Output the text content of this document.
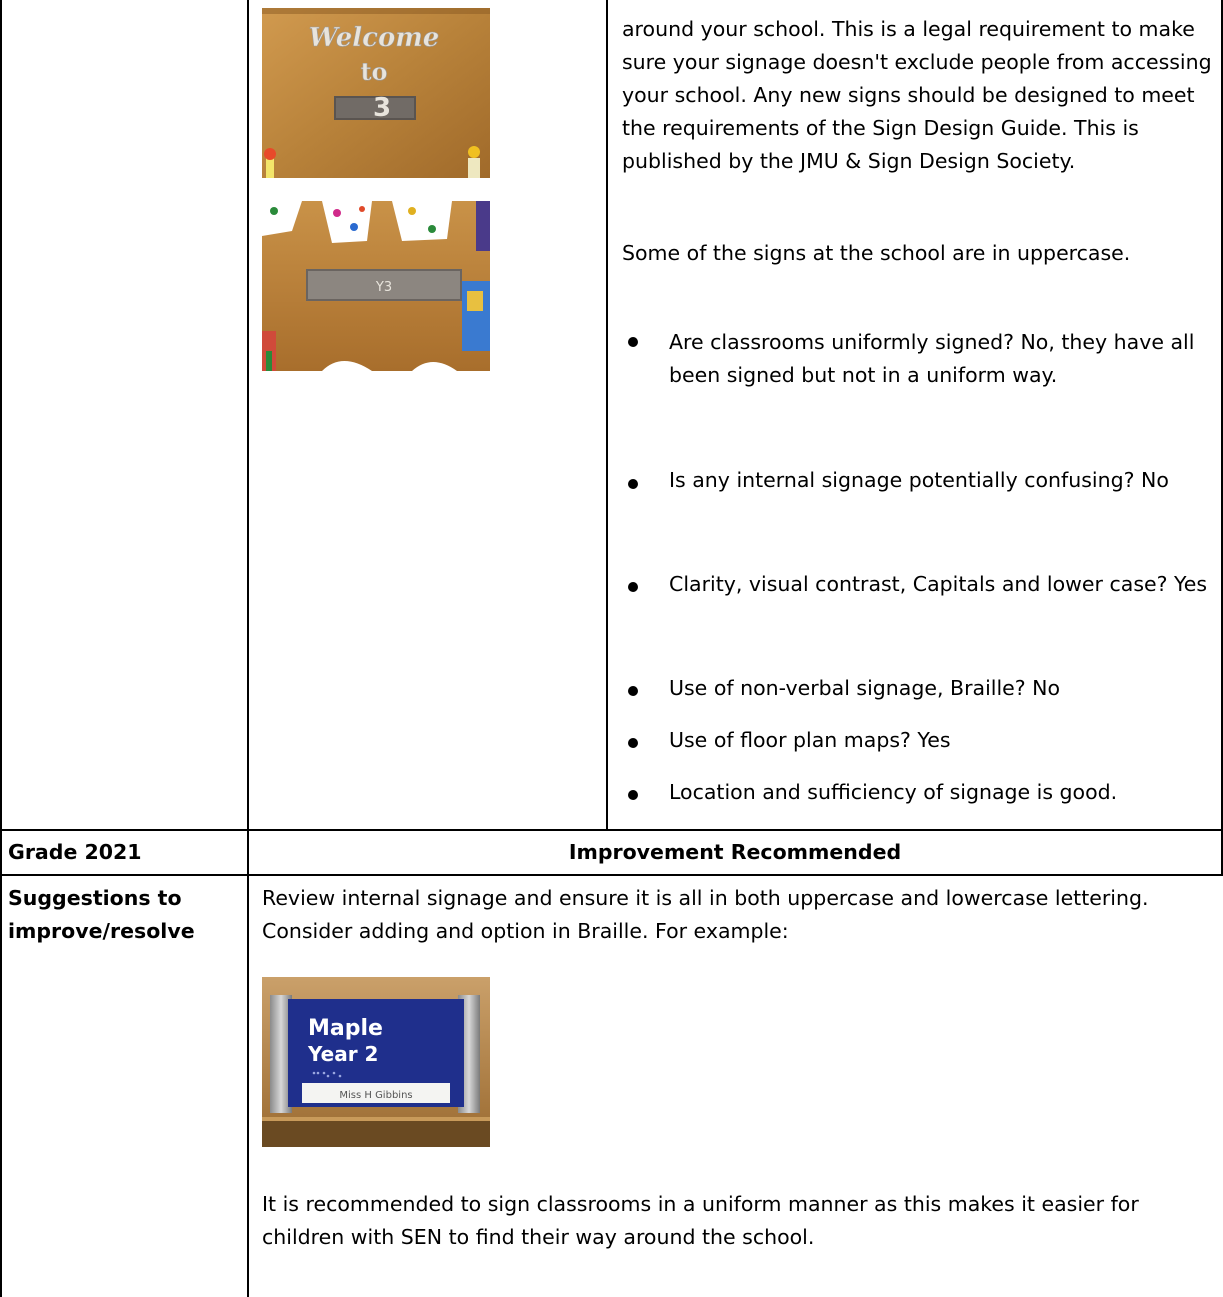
Welcome
to
3
Y3

around your school. This is a legal requirement to make sure your signage doesn't exclude people from accessing your school. Any new signs should be designed to meet the requirements of the Sign Design Guide. This is published by the JMU & Sign Design Society.

Some of the signs at the school are in uppercase.

Are classrooms uniformly signed? No, they have all been signed but not in a uniform way.

Is any internal signage potentially confusing? No

Clarity, visual contrast, Capitals and lower case? Yes

Use of non-verbal signage, Braille? No

Use of floor plan maps? Yes

Location and sufficiency of signage is good.

Grade 2021	Improvement Recommended
Suggestions to improve/resolve

Review internal signage and ensure it is all in both uppercase and lowercase lettering. Consider adding and option in Braille. For example:

Maple
Year 2
Miss H Gibbins

It is recommended to sign classrooms in a uniform manner as this makes it easier for children with SEN to find their way around the school.
